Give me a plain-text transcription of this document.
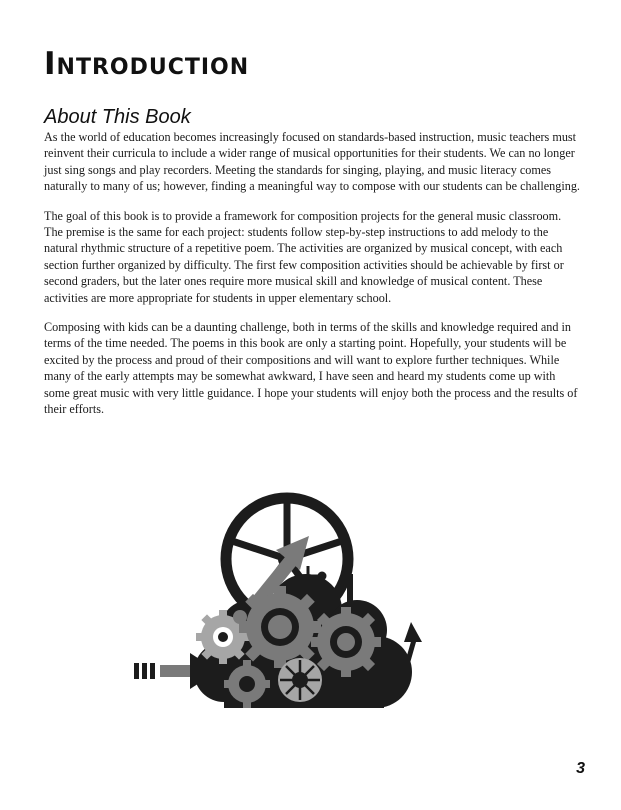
Introduction
About This Book

As the world of education becomes increasingly focused on standards-based instruction, music teachers must reinvent their curricula to include a wider range of musical opportunities for their students. We can no longer just sing songs and play recorders. Meeting the standards for singing, playing, and music literacy comes naturally to many of us; however, finding a meaningful way to compose with our students can be challenging.

The goal of this book is to provide a framework for composition projects for the general music classroom. The premise is the same for each project: students follow step-by-step instructions to add melody to the natural rhythmic structure of a repetitive poem. The activities are organized by musical concept, with each section further organized by difficulty. The first few composition activities should be achievable by first or second graders, but the later ones require more musical skill and knowledge of musical content. These activities are more appropriate for students in upper elementary school.

Composing with kids can be a daunting challenge, both in terms of the skills and knowledge required and in terms of the time needed. The poems in this book are only a starting point. Hopefully, your students will be excited by the process and proud of their compositions and will want to explore further techniques. While many of the early attempts may be somewhat awkward, I have seen and heard my students come up with some great music with very little guidance. I hope your students will enjoy both the process and the results of their efforts.

3
